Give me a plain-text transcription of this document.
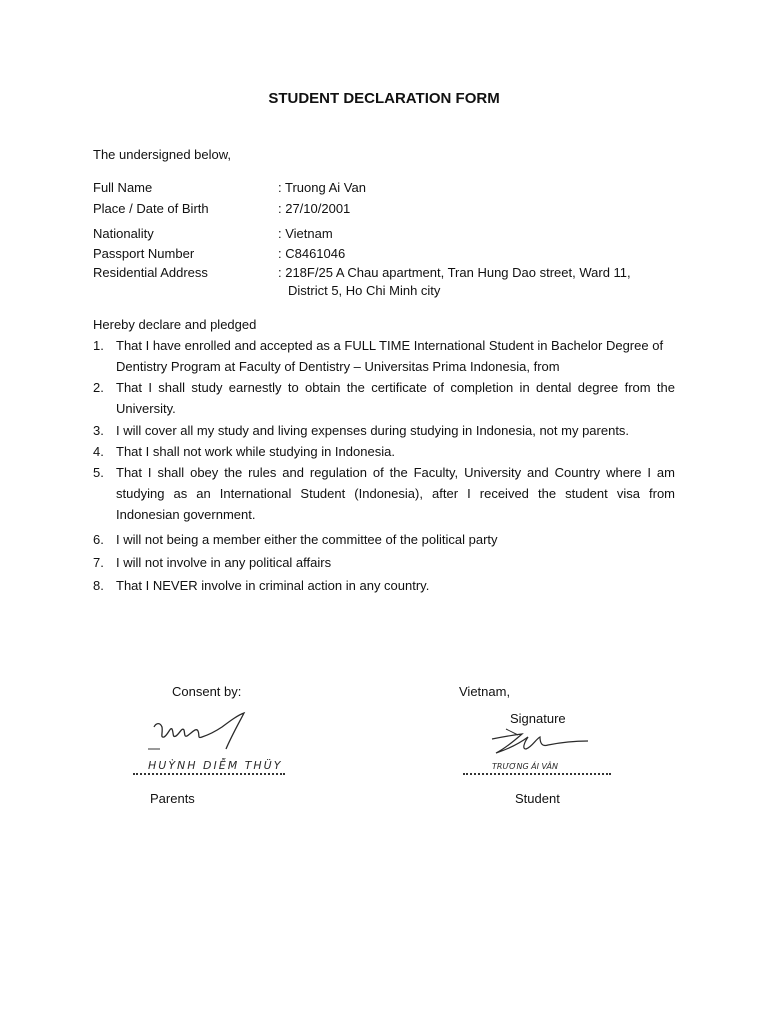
STUDENT DECLARATION FORM
The undersigned below,
Full Name	: Truong Ai Van
Place / Date of Birth	: 27/10/2001
Nationality	: Vietnam
Passport Number	: C8461046
Residential Address	: 218F/25 A Chau apartment, Tran Hung Dao street, Ward 11,
District 5, Ho Chi Minh city
Hereby declare and pledged
1. That I have enrolled and accepted as a FULL TIME International Student in Bachelor Degree of Dentistry Program at Faculty of Dentistry – Universitas Prima Indonesia, from
2. That I shall study earnestly to obtain the certificate of completion in dental degree from the University.
3. I will cover all my study and living expenses during studying in Indonesia, not my parents.
4. That I shall not work while studying in Indonesia.
5. That I shall obey the rules and regulation of the Faculty, University and Country where I am studying as an International Student (Indonesia), after I received the student visa from Indonesian government.
6. I will not being a member either the committee of the political party
7. I will not involve in any political affairs
8. That I NEVER involve in criminal action in any country.
Consent by:	Vietnam,
Signature
HUỲNH DIỄM THÜY	TRƯƠNG ÁI VÂN
Parents	Student
